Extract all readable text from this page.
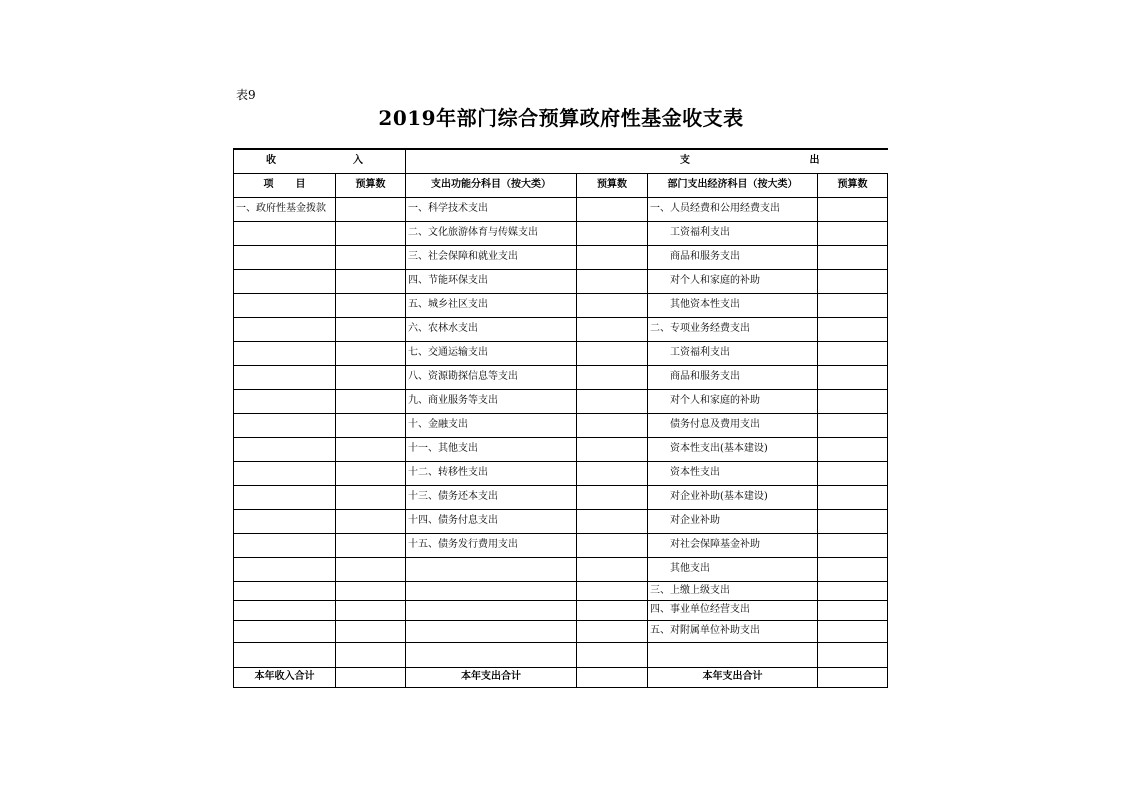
表9
2019年部门综合预算政府性基金收支表
收 入		支 出			

项 目	预算数	支出功能分科目（按大类）	预算数	部门支出经济科目（按大类）	预算数
一、政府性基金拨款		一、科学技术支出		一、人员经费和公用经费支出	
		二、文化旅游体育与传媒支出		工资福利支出	
		三、社会保障和就业支出		商品和服务支出	
		四、节能环保支出		对个人和家庭的补助	
		五、城乡社区支出		其他资本性支出	
		六、农林水支出		二、专项业务经费支出	
		七、交通运输支出		工资福利支出	
		八、资源勘探信息等支出		商品和服务支出	
		九、商业服务等支出		对个人和家庭的补助	
		十、金融支出		债务付息及费用支出	
		十一、其他支出		资本性支出(基本建设)	
		十二、转移性支出		资本性支出	
		十三、债务还本支出		对企业补助(基本建设)	
		十四、债务付息支出		对企业补助	
		十五、债务发行费用支出		对社会保障基金补助	
				其他支出	
				三、上缴上级支出	
				四、事业单位经营支出	
				五、对附属单位补助支出	

本年收入合计		本年支出合计		本年支出合计	
